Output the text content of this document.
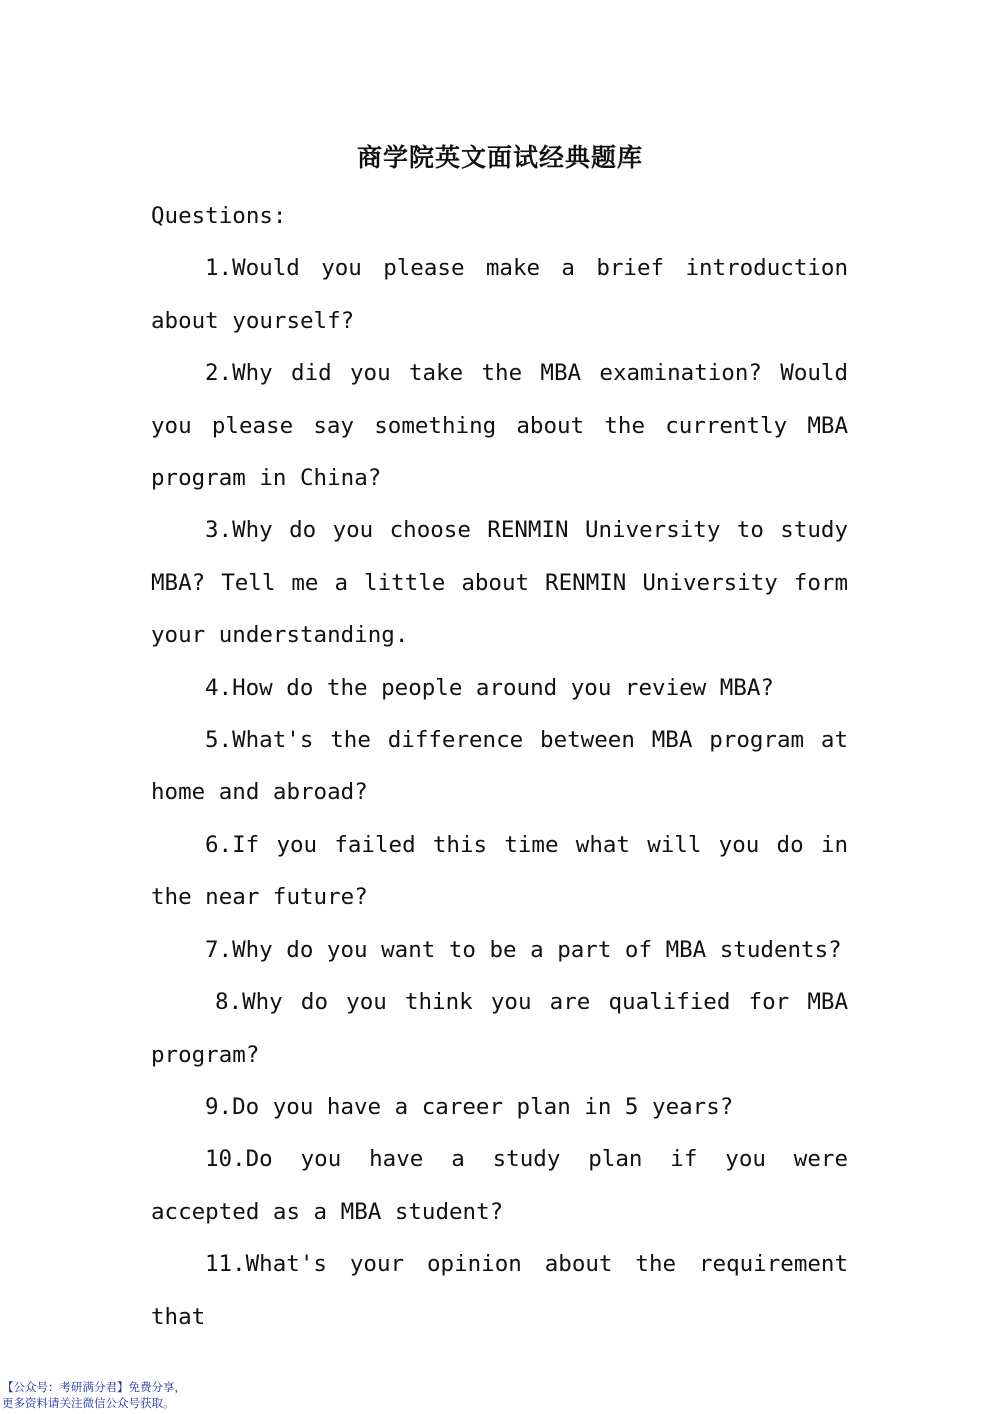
商学院英文面试经典题库

Questions:

1.Would you please make a brief introduction about yourself?

2.Why did you take the MBA examination? Would you please say something about the currently MBA program in China?

3.Why do you choose RENMIN University to study MBA? Tell me a little about RENMIN University form your understanding.

4.How do the people around you review MBA?

5.What's the difference between MBA program at home and abroad?

6.If you failed this time what will you do in the near future?

7.Why do you want to be a part of MBA students?

8.Why do you think you are qualified for MBA program?

9.Do you have a career plan in 5 years?

10.Do you have a study plan if you were accepted as a MBA student?

11.What's your opinion about the requirement that

【公众号：考研满分君】免费分享，
更多资料请关注微信公众号获取。
